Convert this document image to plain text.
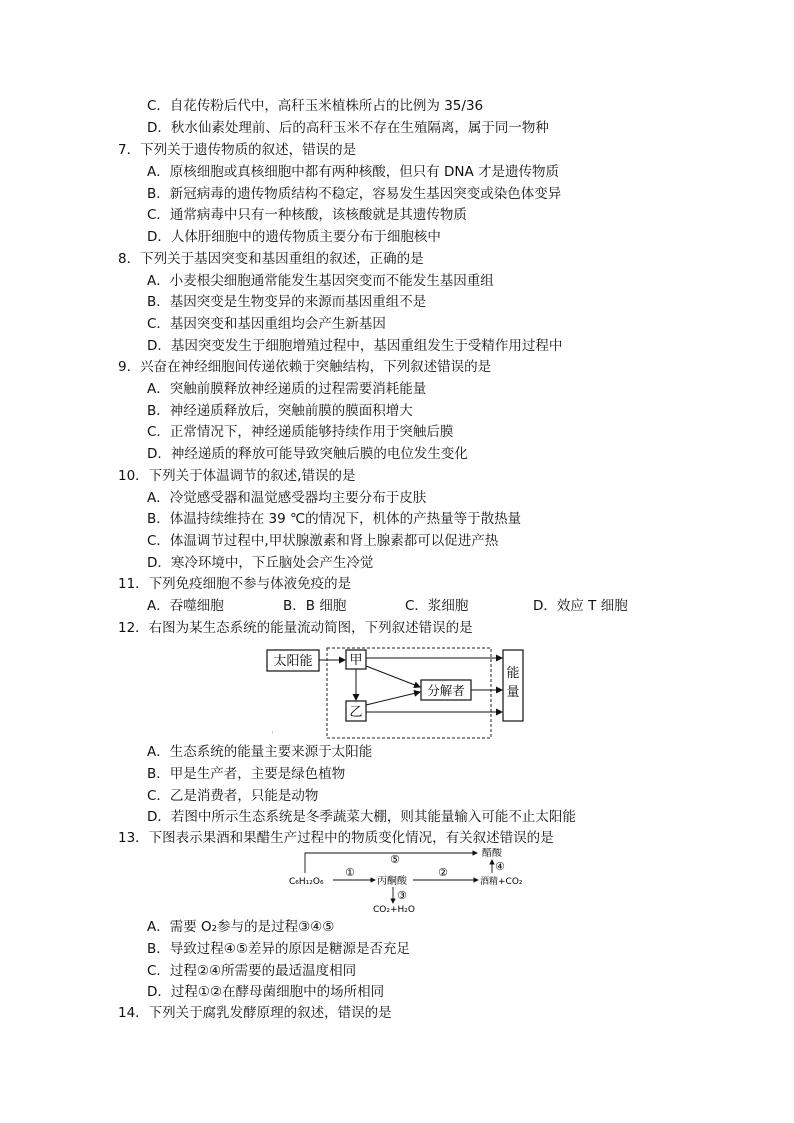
C．自花传粉后代中，高秆玉米植株所占的比例为 35/36
D．秋水仙素处理前、后的高秆玉米不存在生殖隔离，属于同一物种
7．下列关于遗传物质的叙述，错误的是
A．原核细胞或真核细胞中都有两种核酸，但只有 DNA 才是遗传物质
B．新冠病毒的遗传物质结构不稳定，容易发生基因突变或染色体变异
C．通常病毒中只有一种核酸，该核酸就是其遗传物质
D．人体肝细胞中的遗传物质主要分布于细胞核中
8．下列关于基因突变和基因重组的叙述，正确的是
A．小麦根尖细胞通常能发生基因突变而不能发生基因重组
B．基因突变是生物变异的来源而基因重组不是
C．基因突变和基因重组均会产生新基因
D．基因突变发生于细胞增殖过程中，基因重组发生于受精作用过程中
9．兴奋在神经细胞间传递依赖于突触结构，下列叙述错误的是
A．突触前膜释放神经递质的过程需要消耗能量
B．神经递质释放后，突触前膜的膜面积增大
C．正常情况下，神经递质能够持续作用于突触后膜
D．神经递质的释放可能导致突触后膜的电位发生变化
10．下列关于体温调节的叙述,错误的是
A．冷觉感受器和温觉感受器均主要分布于皮肤
B．体温持续维持在 39 ℃的情况下，机体的产热量等于散热量
C．体温调节过程中,甲状腺激素和肾上腺素都可以促进产热
D．寒冷环境中，下丘脑处会产生冷觉
11．下列免疫细胞不参与体液免疫的是
A．吞噬细胞	B．B 细胞	C．浆细胞	D．效应 T 细胞
12．右图为某生态系统的能量流动简图，下列叙述错误的是
太阳能	甲
乙
分解者
能
量
'
A．生态系统的能量主要来源于太阳能
B．甲是生产者，主要是绿色植物
C．乙是消费者，只能是动物
D．若图中所示生态系统是冬季蔬菜大棚，则其能量输入可能不止太阳能
13．下图表示果酒和果醋生产过程中的物质变化情况，有关叙述错误的是
C₆H₁₂O₆	丙酮酸	酒精+CO₂
醋酸
CO₂+H₂O
⑤
①	②
③
④
A．需要 O₂参与的是过程③④⑤
B．导致过程④⑤差异的原因是糖源是否充足
C．过程②④所需要的最适温度相同
D．过程①②在酵母菌细胞中的场所相同
14．下列关于腐乳发酵原理的叙述，错误的是
